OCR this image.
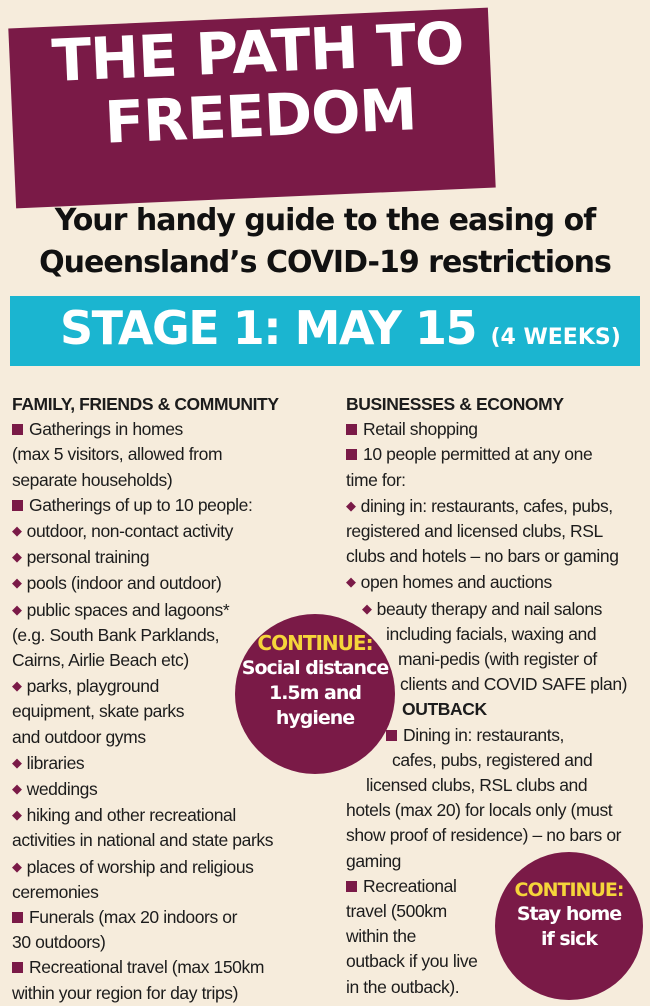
THE PATH TO
FREEDOM
Your handy guide to the easing of
Queensland’s COVID-19 restrictions
STAGE 1: MAY 15 (4 WEEKS)
FAMILY, FRIENDS & COMMUNITY
Gatherings in homes
(max 5 visitors, allowed from
separate households)
Gatherings of up to 10 people:
◆ outdoor, non-contact activity
◆ personal training
◆ pools (indoor and outdoor)
◆ public spaces and lagoons*
(e.g. South Bank Parklands,
Cairns, Airlie Beach etc)
◆ parks, playground
equipment, skate parks
and outdoor gyms
◆ libraries
◆ weddings
◆ hiking and other recreational
activities in national and state parks
◆ places of worship and religious
ceremonies
Funerals (max 20 indoors or
30 outdoors)
Recreational travel (max 150km
within your region for day trips)
BUSINESSES & ECONOMY
Retail shopping
10 people permitted at any one
time for:
◆ dining in: restaurants, cafes, pubs,
registered and licensed clubs, RSL
clubs and hotels – no bars or gaming
◆ open homes and auctions
◆ beauty therapy and nail salons
including facials, waxing and
mani-pedis (with register of
clients and COVID SAFE plan)
OUTBACK
Dining in: restaurants,
cafes, pubs, registered and
licensed clubs, RSL clubs and
hotels (max 20) for locals only (must
show proof of residence) – no bars or
gaming
Recreational
travel (500km
within the
outback if you live
in the outback).
CONTINUE:
Social distance
1.5m and
hygiene
CONTINUE:
Stay home
if sick
